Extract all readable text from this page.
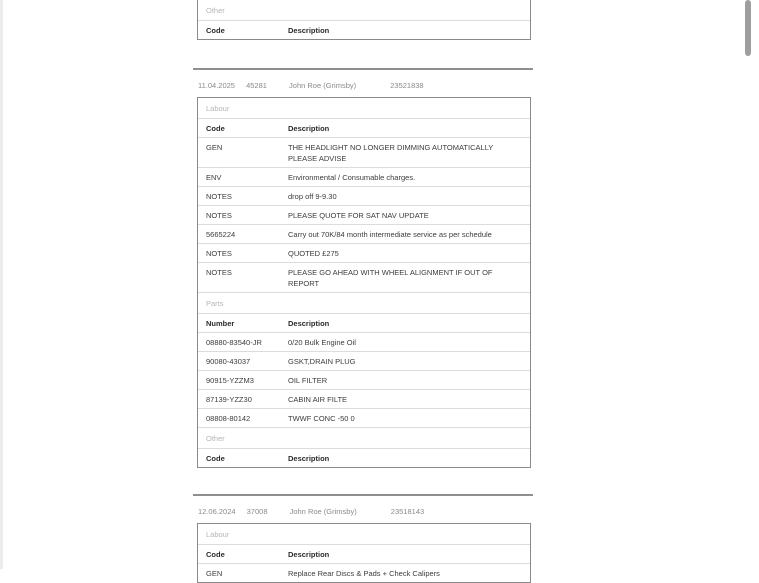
Other
Code	Description
11.04.2025 45281	John Roe (Grimsby)	23521838
Labour
Code	Description
GEN	THE HEADLIGHT NO LONGER DIMMING AUTOMATICALLY PLEASE ADVISE
ENV	Environmental / Consumable charges.
NOTES	drop off 9-9.30
NOTES	PLEASE QUOTE FOR SAT NAV UPDATE
5665224	Carry out 70K/84 month intermediate service as per schedule
NOTES	QUOTED £275
NOTES	PLEASE GO AHEAD WITH WHEEL ALIGNMENT IF OUT OF REPORT
Parts
Number	Description
08880-83540-JR	0/20 Bulk Engine Oil
90080-43037	GSKT,DRAIN PLUG
90915-YZZM3	OIL FILTER
87139-YZZ30	CABIN AIR FILTE
08808-80142	TWWF CONC -50 0
Other
Code	Description
12.06.2024 37008	John Roe (Grimsby)	23518143
Labour
Code	Description
GEN	Replace Rear Discs & Pads + Check Calipers
